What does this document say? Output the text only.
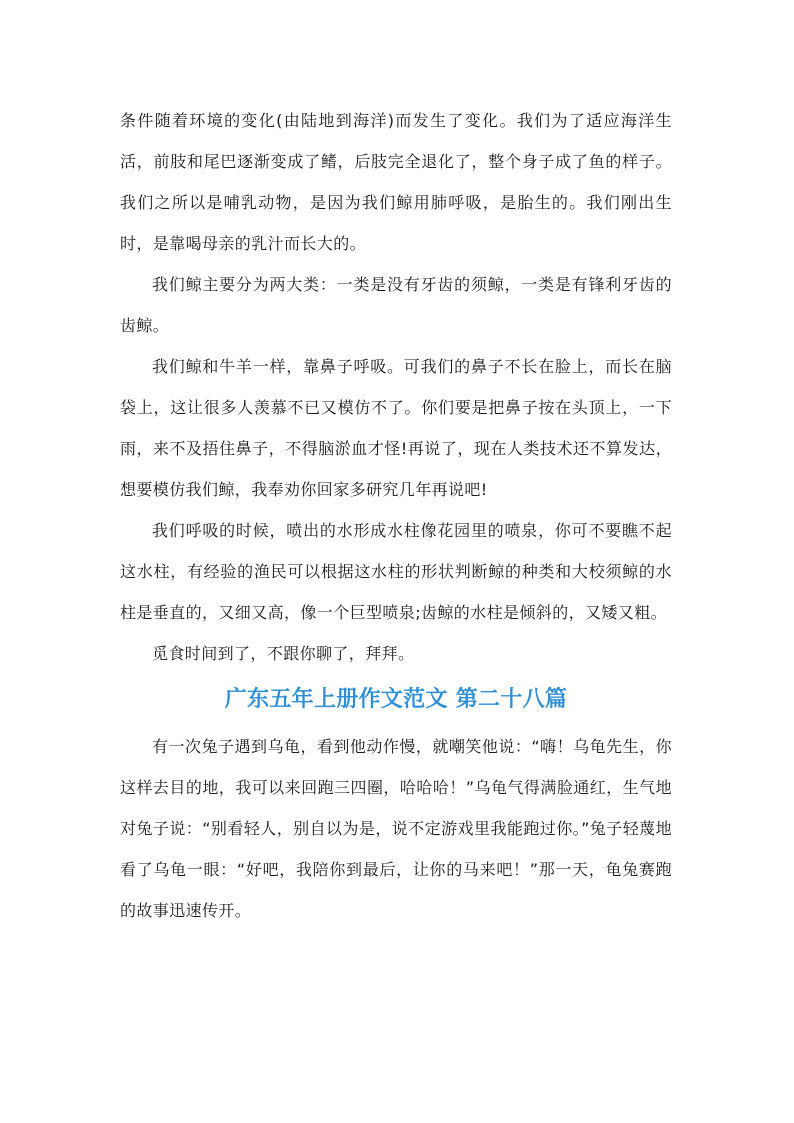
条件随着环境的变化(由陆地到海洋)而发生了变化。我们为了适应海洋生活，前肢和尾巴逐渐变成了鳍，后肢完全退化了，整个身子成了鱼的样子。我们之所以是哺乳动物，是因为我们鲸用肺呼吸，是胎生的。我们刚出生时，是靠喝母亲的乳汁而长大的。

我们鲸主要分为两大类：一类是没有牙齿的须鲸，一类是有锋利牙齿的齿鲸。

我们鲸和牛羊一样，靠鼻子呼吸。可我们的鼻子不长在脸上，而长在脑袋上，这让很多人羡慕不已又模仿不了。你们要是把鼻子按在头顶上，一下雨，来不及捂住鼻子，不得脑淤血才怪!再说了，现在人类技术还不算发达，想要模仿我们鲸，我奉劝你回家多研究几年再说吧!

我们呼吸的时候，喷出的水形成水柱像花园里的喷泉，你可不要瞧不起这水柱，有经验的渔民可以根据这水柱的形状判断鲸的种类和大校须鲸的水柱是垂直的，又细又高，像一个巨型喷泉;齿鲸的水柱是倾斜的，又矮又粗。

觅食时间到了，不跟你聊了，拜拜。

广东五年上册作文范文 第二十八篇

有一次兔子遇到乌龟，看到他动作慢，就嘲笑他说：“嗨！乌龟先生，你这样去目的地，我可以来回跑三四圈，哈哈哈！”乌龟气得满脸通红，生气地对兔子说：“别看轻人，别自以为是，说不定游戏里我能跑过你。”兔子轻蔑地看了乌龟一眼：“好吧，我陪你到最后，让你的马来吧！”那一天，龟兔赛跑的故事迅速传开。
